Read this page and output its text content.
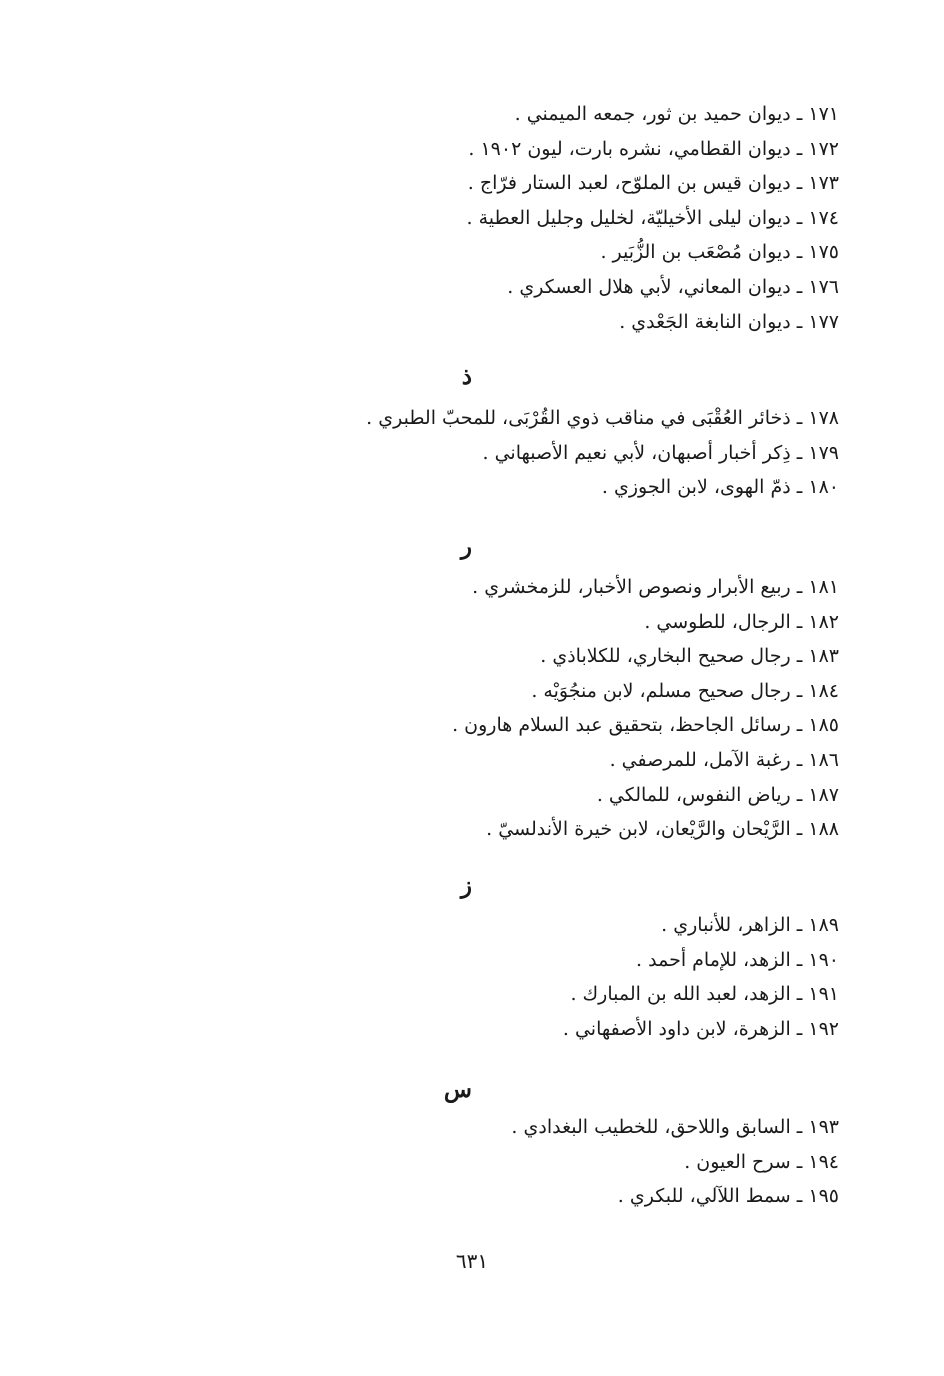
١٧١ ـ ديوان حميد بن ثور، جمعه الميمني .
١٧٢ ـ ديوان القطامي، نشره بارت، ليون ١٩٠٢ .
١٧٣ ـ ديوان قيس بن الملوّح، لعبد الستار فرّاج .
١٧٤ ـ ديوان ليلى الأخيليّة، لخليل وجليل العطية .
١٧٥ ـ ديوان مُصْعَب بن الزُّبَير .
١٧٦ ـ ديوان المعاني، لأبي هلال العسكري .
١٧٧ ـ ديوان النابغة الجَعْدي .
ذ
١٧٨ ـ ذخائر العُقْبَى في مناقب ذوي القُرْبَى، للمحبّ الطبري .
١٧٩ ـ ذِكر أخبار أصبهان، لأبي نعيم الأصبهاني .
١٨٠ ـ ذمّ الهوى، لابن الجوزي .
ر
١٨١ ـ ربيع الأبرار ونصوص الأخبار، للزمخشري .
١٨٢ ـ الرجال، للطوسي .
١٨٣ ـ رجال صحيح البخاري، للكلاباذي .
١٨٤ ـ رجال صحيح مسلم، لابن منجُوَيْه .
١٨٥ ـ رسائل الجاحظ، بتحقيق عبد السلام هارون .
١٨٦ ـ رغبة الآمل، للمرصفي .
١٨٧ ـ رياض النفوس، للمالكي .
١٨٨ ـ الرَّيْحان والرَّيْعان، لابن خيرة الأندلسيّ .
ز
١٨٩ ـ الزاهر، للأنباري .
١٩٠ ـ الزهد، للإمام أحمد .
١٩١ ـ الزهد، لعبد الله بن المبارك .
١٩٢ ـ الزهرة، لابن داود الأصفهاني .
س
١٩٣ ـ السابق واللاحق، للخطيب البغدادي .
١٩٤ ـ سرح العيون .
١٩٥ ـ سمط اللآلي، للبكري .
٦٣١
